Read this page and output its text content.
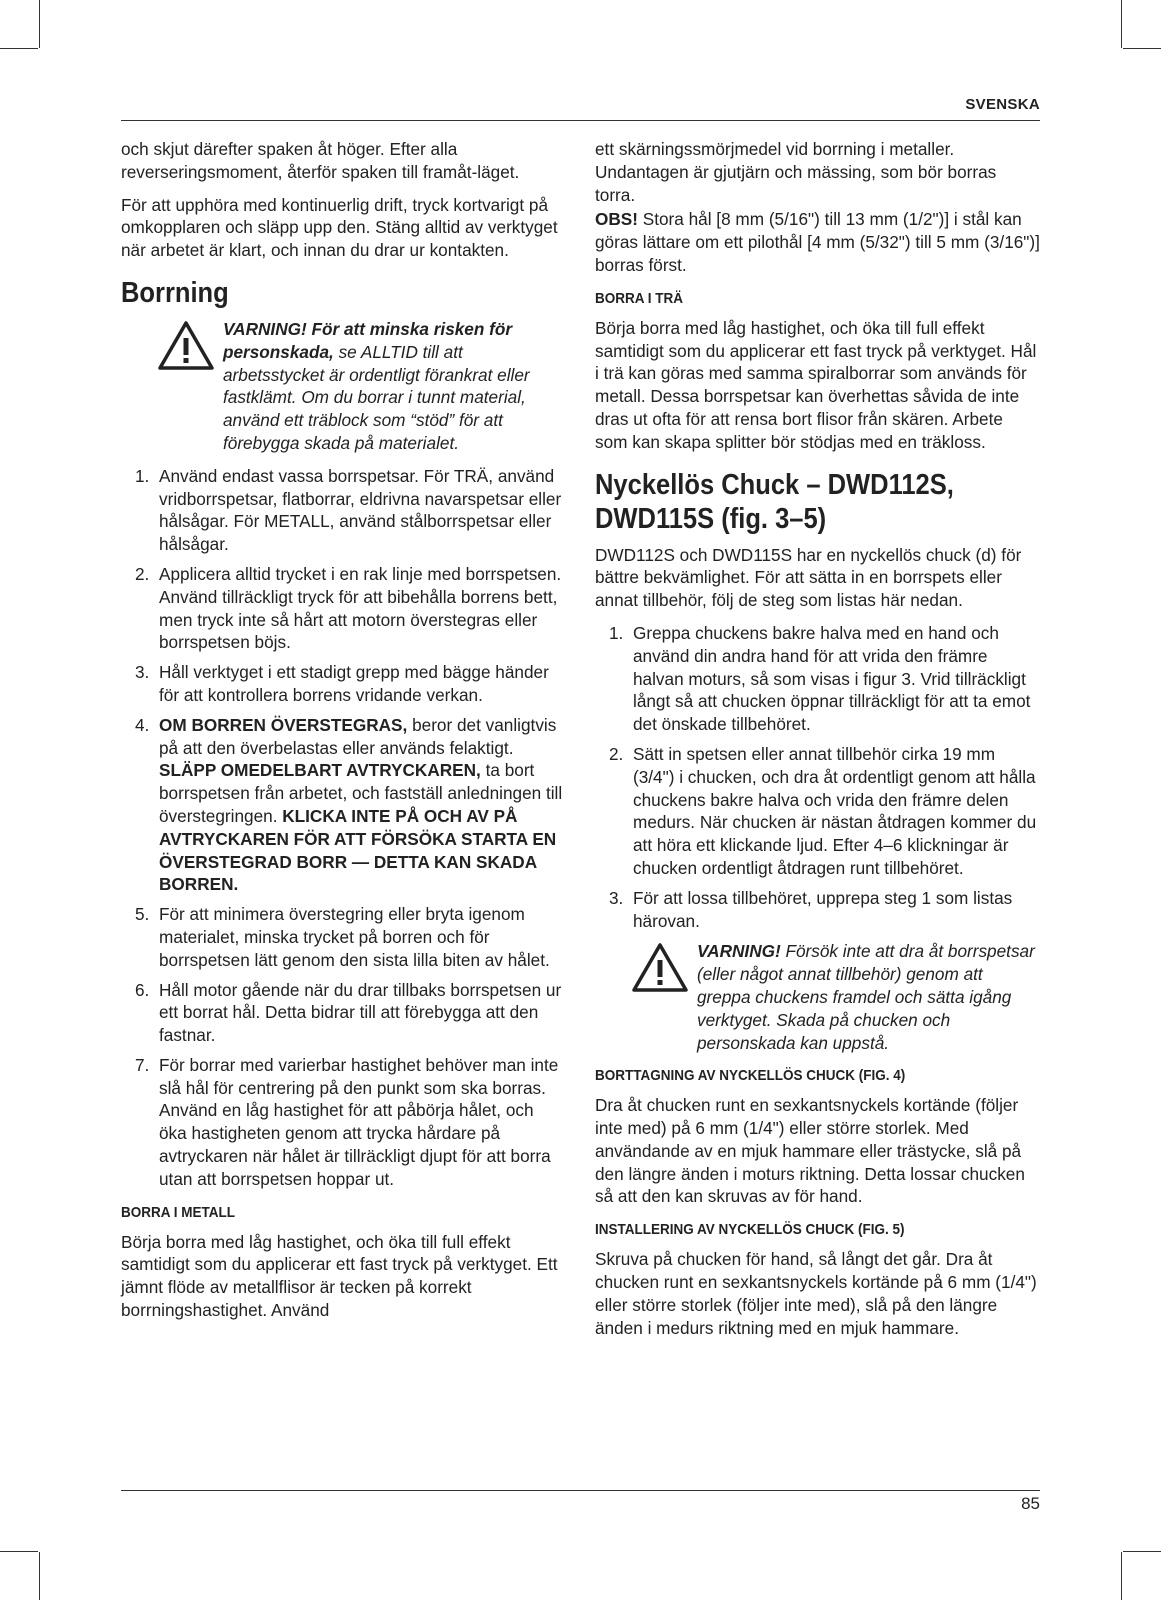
SVENSKA

och skjut därefter spaken åt höger. Efter alla reverseringsmoment, återför spaken till framåt-läget.

För att upphöra med kontinuerlig drift, tryck kortvarigt på omkopplaren och släpp upp den. Stäng alltid av verktyget när arbetet är klart, och innan du drar ur kontakten.

Borrning
VARNING! För att minska risken för personskada, se ALLTID till att arbetsstycket är ordentligt förankrat eller fastklämt. Om du borrar i tunnt material, använd ett träblock som “stöd” för att förebygga skada på materialet.
1. Använd endast vassa borrspetsar. För TRÄ, använd vridborrspetsar, flatborrar, eldrivna navarspetsar eller hålsågar. För METALL, använd stålborrspetsar eller hålsågar.
2. Applicera alltid trycket i en rak linje med borrspetsen. Använd tillräckligt tryck för att bibehålla borrens bett, men tryck inte så hårt att motorn överstegras eller borrspetsen böjs.
3. Håll verktyget i ett stadigt grepp med bägge händer för att kontrollera borrens vridande verkan.
4. OM BORREN ÖVERSTEGRAS, beror det vanligtvis på att den överbelastas eller används felaktigt. SLÄPP OMEDELBART AVTRYCKAREN, ta bort borrspetsen från arbetet, och fastställ anledningen till överstegringen. KLICKA INTE PÅ OCH AV PÅ AVTRYCKAREN FÖR ATT FÖRSÖKA STARTA EN ÖVERSTEGRAD BORR — DETTA KAN SKADA BORREN.
5. För att minimera överstegring eller bryta igenom materialet, minska trycket på borren och för borrspetsen lätt genom den sista lilla biten av hålet.
6. Håll motor gående när du drar tillbaks borrspetsen ur ett borrat hål. Detta bidrar till att förebygga att den fastnar.
7. För borrar med varierbar hastighet behöver man inte slå hål för centrering på den punkt som ska borras. Använd en låg hastighet för att påbörja hålet, och öka hastigheten genom att trycka hårdare på avtryckaren när hålet är tillräckligt djupt för att borra utan att borrspetsen hoppar ut.
BORRA I METALL

Börja borra med låg hastighet, och öka till full effekt samtidigt som du applicerar ett fast tryck på verktyget. Ett jämnt flöde av metallflisor är tecken på korrekt borrningshastighet. Använd

ett skärningssmörjmedel vid borrning i metaller. Undantagen är gjutjärn och mässing, som bör borras torra.

OBS! Stora hål [8 mm (5/16") till 13 mm (1/2")] i stål kan göras lättare om ett pilothål [4 mm (5/32") till 5 mm (3/16")] borras först.

BORRA I TRÄ

Börja borra med låg hastighet, och öka till full effekt samtidigt som du applicerar ett fast tryck på verktyget. Hål i trä kan göras med samma spiralborrar som används för metall. Dessa borrspetsar kan överhettas såvida de inte dras ut ofta för att rensa bort flisor från skären. Arbete som kan skapa splitter bör stödjas med en träkloss.

Nyckellös Chuck – DWD112S, DWD115S (fig. 3–5)

DWD112S och DWD115S har en nyckellös chuck (d) för bättre bekvämlighet. För att sätta in en borrspets eller annat tillbehör, följ de steg som listas här nedan.

1. Greppa chuckens bakre halva med en hand och använd din andra hand för att vrida den främre halvan moturs, så som visas i figur 3. Vrid tillräckligt långt så att chucken öppnar tillräckligt för att ta emot det önskade tillbehöret.
2. Sätt in spetsen eller annat tillbehör cirka 19 mm (3/4") i chucken, och dra åt ordentligt genom att hålla chuckens bakre halva och vrida den främre delen medurs. När chucken är nästan åtdragen kommer du att höra ett klickande ljud. Efter 4–6 klickningar är chucken ordentligt åtdragen runt tillbehöret.
3. För att lossa tillbehöret, upprepa steg 1 som listas härovan.
VARNING! Försök inte att dra åt borrspetsar (eller något annat tillbehör) genom att greppa chuckens framdel och sätta igång verktyget. Skada på chucken och personskada kan uppstå.
BORTTAGNING AV NYCKELLÖS CHUCK (FIG. 4)

Dra åt chucken runt en sexkantsnyckels kortände (följer inte med) på 6 mm (1/4") eller större storlek. Med användande av en mjuk hammare eller trästycke, slå på den längre änden i moturs riktning. Detta lossar chucken så att den kan skruvas av för hand.

INSTALLERING AV NYCKELLÖS CHUCK (FIG. 5)

Skruva på chucken för hand, så långt det går. Dra åt chucken runt en sexkantsnyckels kortände på 6 mm (1/4") eller större storlek (följer inte med), slå på den längre änden i medurs riktning med en mjuk hammare.

85
